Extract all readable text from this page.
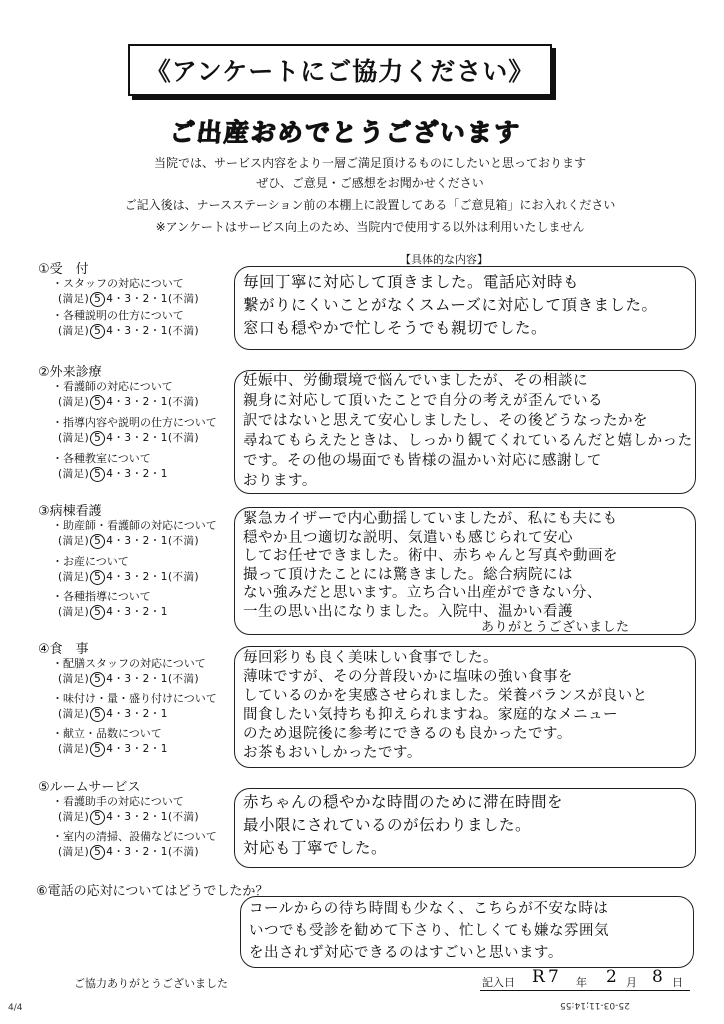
《アンケートにご協力ください》
ご出産おめでとうございます
当院では、サービス内容をより一層ご満足頂けるものにしたいと思っております
ぜひ、ご意見・ご感想をお聞かせください
ご記入後は、ナースステーション前の本棚上に設置してある「ご意見箱」にお入れください
※アンケートはサービス向上のため、当院内で使用する以外は利用いたしません
【具体的な内容】
①受　付
・スタッフの対応について
(満足) 5 4・3・2・1(不満)
・各種説明の仕方について
(満足) 5 4・3・2・1(不満)
毎回丁寧に対応して頂きました。電話応対時も
繋がりにくいことがなくスムーズに対応して頂きました。
窓口も穏やかで忙しそうでも親切でした。
②外来診療
・看護師の対応について
(満足) 5 4・3・2・1(不満)
・指導内容や説明の仕方について
(満足) 5 4・3・2・1(不満)
・各種教室について
(満足) 5 4・3・2・1
妊娠中、労働環境で悩んでいましたが、その相談に
親身に対応して頂いたことで自分の考えが歪んでいる
訳ではないと思えて安心しましたし、その後どうなったかを
尋ねてもらえたときは、しっかり観てくれているんだと嬉しかった
です。その他の場面でも皆様の温かい対応に感謝して
おります。
③病棟看護
・助産師・看護師の対応について
(満足) 5 4・3・2・1(不満)
・お産について
(満足) 5 4・3・2・1(不満)
・各種指導について
(満足) 5 4・3・2・1
緊急カイザーで内心動揺していましたが、私にも夫にも
穏やか且つ適切な説明、気遣いも感じられて安心
してお任せできました。術中、赤ちゃんと写真や動画を
撮って頂けたことには驚きました。総合病院には
ない強みだと思います。立ち合い出産ができない分、
一生の思い出になりました。入院中、温かい看護
ありがとうございました
④食　事
・配膳スタッフの対応について
(満足) 5 4・3・2・1(不満)
・味付け・量・盛り付けについて
(満足) 5 4・3・2・1
・献立・品数について
(満足) 5 4・3・2・1
毎回彩りも良く美味しい食事でした。
薄味ですが、その分普段いかに塩味の強い食事を
しているのかを実感させられました。栄養バランスが良いと
間食したい気持ちも抑えられますね。家庭的なメニュー
のため退院後に参考にできるのも良かったです。
お茶もおいしかったです。
⑤ルームサービス
・看護助手の対応について
(満足) 5 4・3・2・1(不満)
・室内の清掃、設備などについて
(満足) 5 4・3・2・1(不満)
赤ちゃんの穏やかな時間のために滞在時間を
最小限にされているのが伝わりました。
対応も丁寧でした。
⑥電話の応対についてはどうでしたか？
コールからの待ち時間も少なく、こちらが不安な時は
いつでも受診を勧めて下さり、忙しくても嫌な雰囲気
を出されず対応できるのはすごいと思います。
ご協力ありがとうございました	記入日 R 7 年 2 月 8 日
4/4	25-03-11;14:55
